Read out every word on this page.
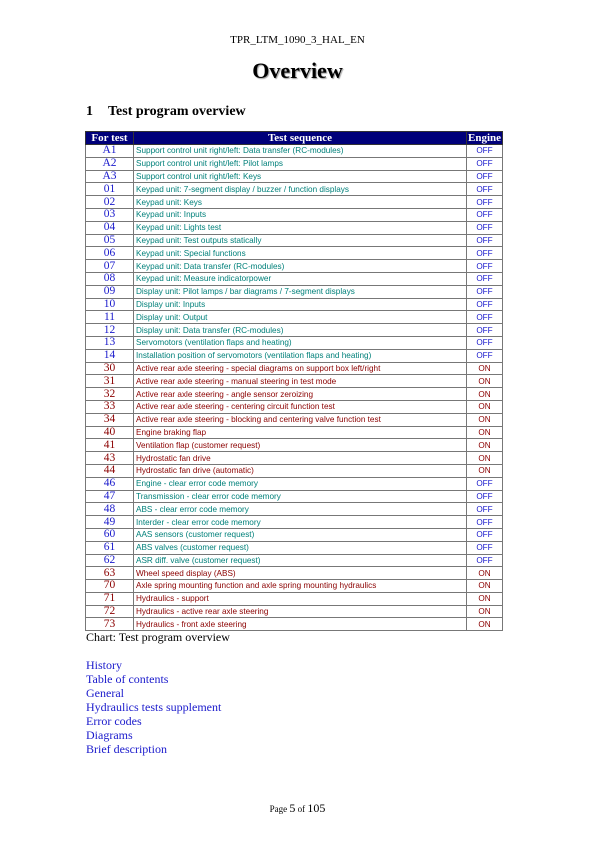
TPR_LTM_1090_3_HAL_EN
Overview
1 Test program overview
For test	Test sequence	Engine
A1	Support control unit right/left: Data transfer (RC-modules)	OFF
A2	Support control unit right/left: Pilot lamps	OFF
A3	Support control unit right/left: Keys	OFF
01	Keypad unit: 7-segment display / buzzer / function displays	OFF
02	Keypad unit: Keys	OFF
03	Keypad unit: Inputs	OFF
04	Keypad unit: Lights test	OFF
05	Keypad unit: Test outputs statically	OFF
06	Keypad unit: Special functions	OFF
07	Keypad unit: Data transfer (RC-modules)	OFF
08	Keypad unit: Measure indicatorpower	OFF
09	Display unit: Pilot lamps / bar diagrams / 7-segment displays	OFF
10	Display unit: Inputs	OFF
11	Display unit: Output	OFF
12	Display unit: Data transfer (RC-modules)	OFF
13	Servomotors (ventilation flaps and heating)	OFF
14	Installation position of servomotors (ventilation flaps and heating)	OFF
30	Active rear axle steering - special diagrams on support box left/right	ON
31	Active rear axle steering - manual steering in test mode	ON
32	Active rear axle steering - angle sensor zeroizing	ON
33	Active rear axle steering - centering circuit function test	ON
34	Active rear axle steering - blocking and centering valve function test	ON
40	Engine braking flap	ON
41	Ventilation flap (customer request)	ON
43	Hydrostatic fan drive	ON
44	Hydrostatic fan drive (automatic)	ON
46	Engine - clear error code memory	OFF
47	Transmission - clear error code memory	OFF
48	ABS - clear error code memory	OFF
49	Interder - clear error code memory	OFF
60	AAS sensors (customer request)	OFF
61	ABS valves (customer request)	OFF
62	ASR diff. valve (customer request)	OFF
63	Wheel speed display (ABS)	ON
70	Axle spring mounting function and axle spring mounting hydraulics	ON
71	Hydraulics - support	ON
72	Hydraulics - active rear axle steering	ON
73	Hydraulics - front axle steering	ON
Chart: Test program overview
History
Table of contents
General
Hydraulics tests supplement
Error codes
Diagrams
Brief description
Page 5 of 105
